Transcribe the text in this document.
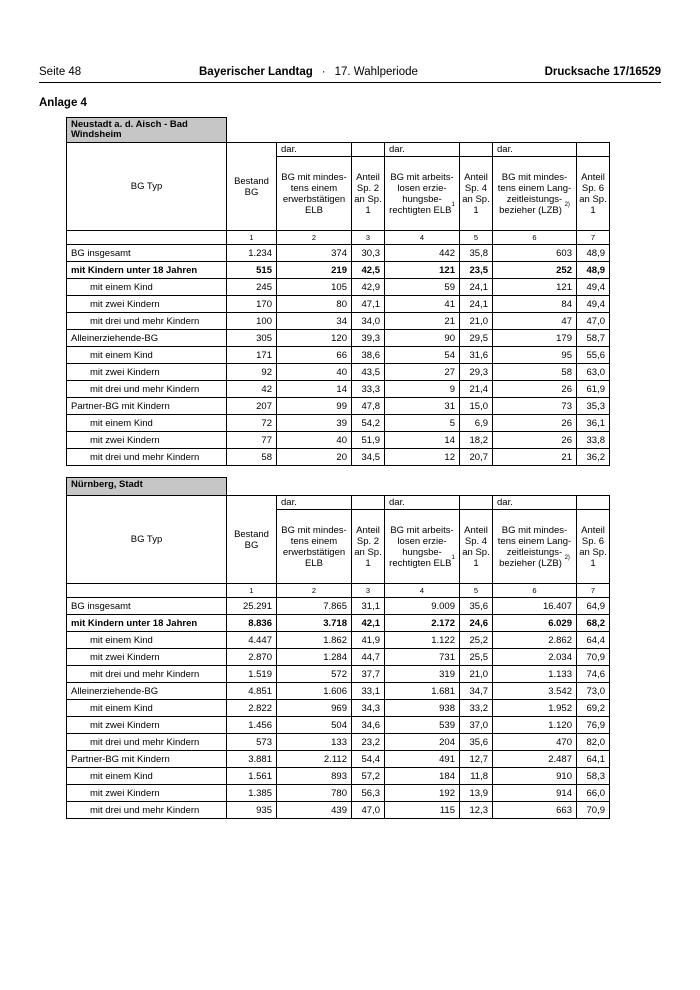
Seite 48	Bayerischer Landtag · 17. Wahlperiode	Drucksache 17/16529
Anlage 4
Neustadt a. d. Aisch - Bad Windsheim							
BG Typ	Bestand BG	dar.		dar.		dar.	
		BG mit mindes-tens einem erwerbstätigen ELB	Anteil Sp. 2 an Sp. 1	BG mit arbeits-losen erzie-hungsbe-rechtigten ELB$^1$	Anteil Sp. 4 an Sp. 1	BG mit mindes-tens einem Lang-zeitleistungs-bezieher (LZB) $^{2)}$	Anteil Sp. 6 an Sp. 1
	1	2	3	4	5	6	7
BG insgesamt	1.234	374	30,3	442	35,8	603	48,9
mit Kindern unter 18 Jahren	515	219	42,5	121	23,5	252	48,9
mit einem Kind	245	105	42,9	59	24,1	121	49,4
mit zwei Kindern	170	80	47,1	41	24,1	84	49,4
mit drei und mehr Kindern	100	34	34,0	21	21,0	47	47,0
Alleinerziehende-BG	305	120	39,3	90	29,5	179	58,7
mit einem Kind	171	66	38,6	54	31,6	95	55,6
mit zwei Kindern	92	40	43,5	27	29,3	58	63,0
mit drei und mehr Kindern	42	14	33,3	9	21,4	26	61,9
Partner-BG mit Kindern	207	99	47,8	31	15,0	73	35,3
mit einem Kind	72	39	54,2	5	6,9	26	36,1
mit zwei Kindern	77	40	51,9	14	18,2	26	33,8
mit drei und mehr Kindern	58	20	34,5	12	20,7	21	36,2
Nürnberg, Stadt							
BG Typ	Bestand BG	dar.		dar.		dar.	
		BG mit mindes-tens einem erwerbstätigen ELB	Anteil Sp. 2 an Sp. 1	BG mit arbeits-losen erzie-hungsbe-rechtigten ELB$^1$	Anteil Sp. 4 an Sp. 1	BG mit mindes-tens einem Lang-zeitleistungs-bezieher (LZB) $^{2)}$	Anteil Sp. 6 an Sp. 1
	1	2	3	4	5	6	7
BG insgesamt	25.291	7.865	31,1	9.009	35,6	16.407	64,9
mit Kindern unter 18 Jahren	8.836	3.718	42,1	2.172	24,6	6.029	68,2
mit einem Kind	4.447	1.862	41,9	1.122	25,2	2.862	64,4
mit zwei Kindern	2.870	1.284	44,7	731	25,5	2.034	70,9
mit drei und mehr Kindern	1.519	572	37,7	319	21,0	1.133	74,6
Alleinerziehende-BG	4.851	1.606	33,1	1.681	34,7	3.542	73,0
mit einem Kind	2.822	969	34,3	938	33,2	1.952	69,2
mit zwei Kindern	1.456	504	34,6	539	37,0	1.120	76,9
mit drei und mehr Kindern	573	133	23,2	204	35,6	470	82,0
Partner-BG mit Kindern	3.881	2.112	54,4	491	12,7	2.487	64,1
mit einem Kind	1.561	893	57,2	184	11,8	910	58,3
mit zwei Kindern	1.385	780	56,3	192	13,9	914	66,0
mit drei und mehr Kindern	935	439	47,0	115	12,3	663	70,9
